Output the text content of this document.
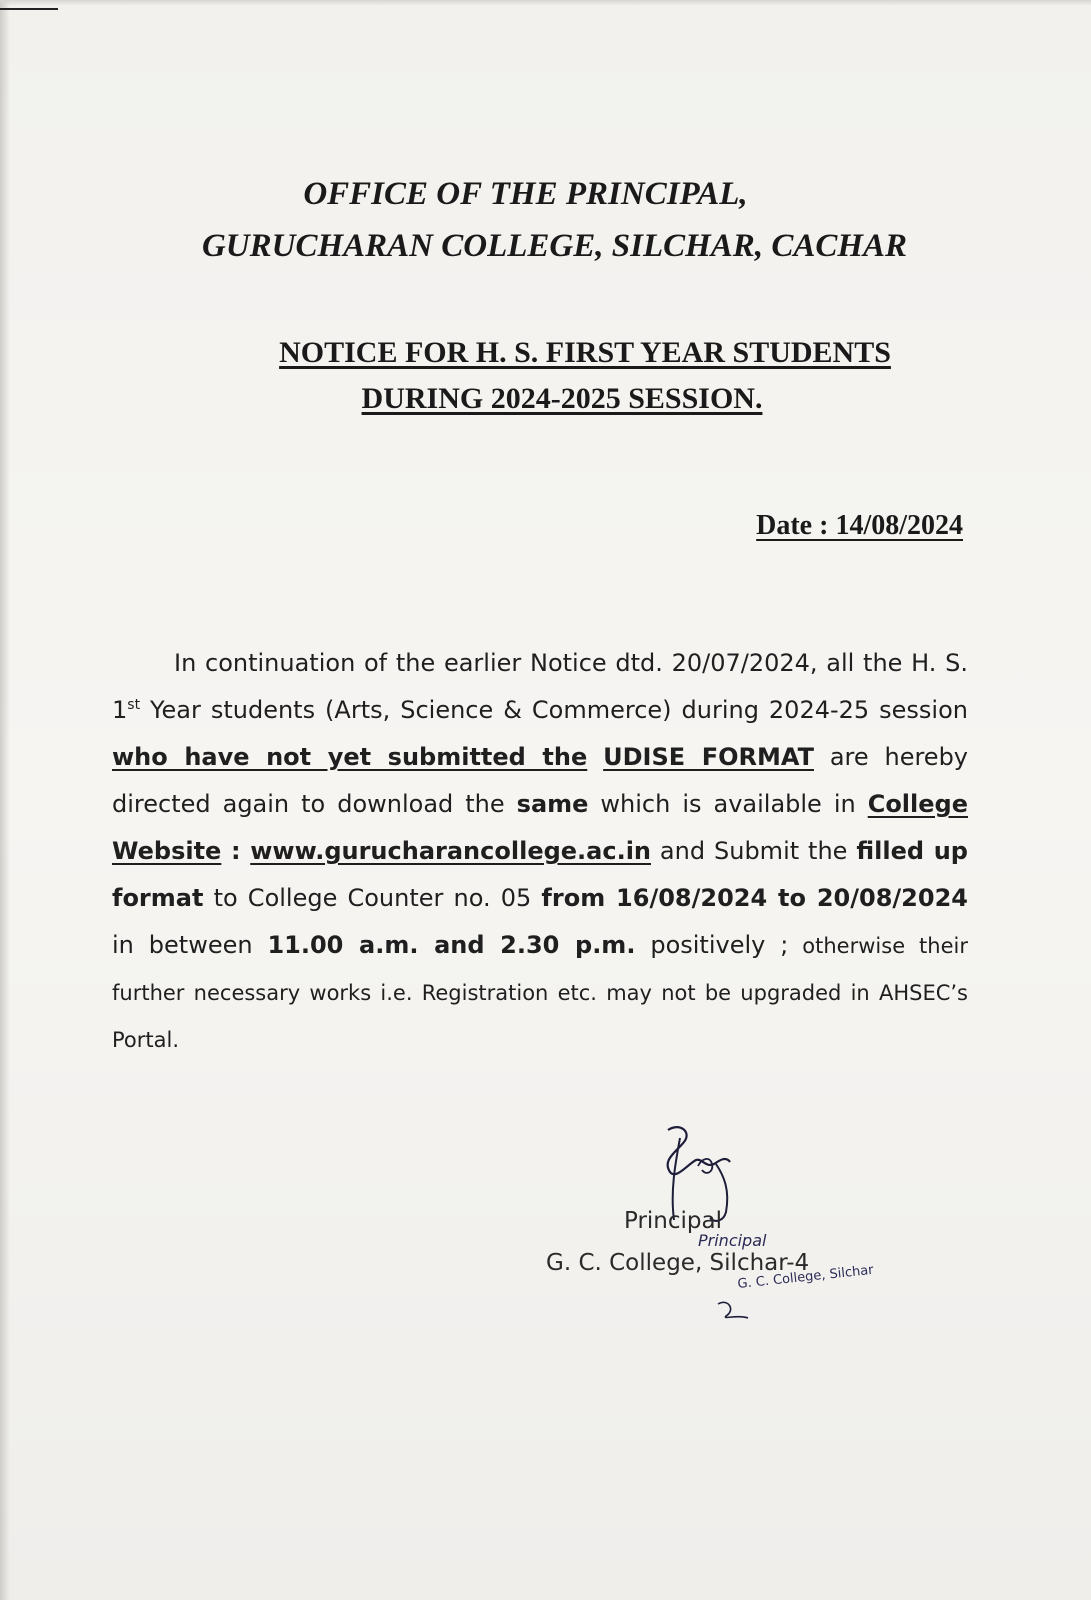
OFFICE OF THE PRINCIPAL,
GURUCHARAN COLLEGE, SILCHAR, CACHAR
NOTICE FOR H. S. FIRST YEAR STUDENTS
DURING 2024-2025 SESSION.
Date : 14/08/2024

In continuation of the earlier Notice dtd. 20/07/2024, all the H. S. 1st Year students (Arts, Science & Commerce) during 2024-25 session who have not yet submitted the UDISE FORMAT are hereby directed again to download the same which is available in College Website : www.gurucharancollege.ac.in and Submit the filled up format to College Counter no. 05 from 16/08/2024 to 20/08/2024 in between 11.00 a.m. and 2.30 p.m. positively ; otherwise their further necessary works i.e. Registration etc. may not be upgraded in AHSEC’s Portal.

Principal
G. C. College, Silchar-4
Principal
G. C. College, Silchar
